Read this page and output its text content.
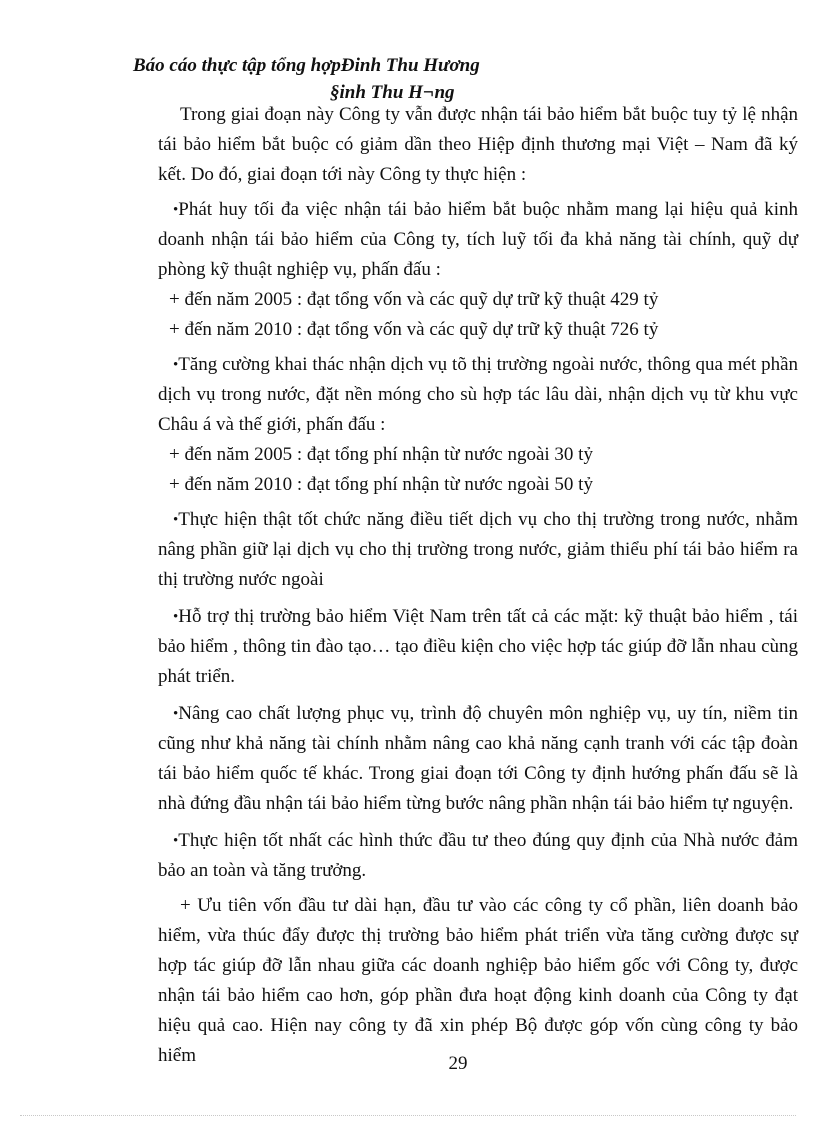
Báo cáo thực tập tổng hợpĐinh Thu Hương
§inh Thu H¬ng

Trong giai đoạn này Công ty vẫn được nhận tái bảo hiểm bắt buộc tuy tỷ lệ nhận tái bảo hiểm bắt buộc có giảm dần theo Hiệp định thương mại Việt – Nam đã ký kết. Do đó, giai đoạn tới này Công ty thực hiện :

•Phát huy tối đa việc nhận tái bảo hiểm bắt buộc nhằm mang lại hiệu quả kinh doanh nhận tái bảo hiểm của Công ty, tích luỹ tối đa khả năng tài chính, quỹ dự phòng kỹ thuật nghiệp vụ, phấn đấu :

+ đến năm 2005 : đạt tổng vốn và các quỹ dự trữ kỹ thuật 429 tỷ

+ đến năm 2010 : đạt tổng vốn và các quỹ dự trữ kỹ thuật 726 tỷ

•Tăng cường khai thác nhận dịch vụ tõ thị trường ngoài nước, thông qua mét phần dịch vụ trong nước, đặt nền móng cho sù hợp tác lâu dài, nhận dịch vụ từ khu vực Châu á và thế giới, phấn đấu :

+ đến năm 2005 : đạt tổng phí nhận từ nước ngoài 30 tỷ

+ đến năm 2010 : đạt tổng phí nhận từ nước ngoài 50 tỷ

•Thực hiện thật tốt chức năng điều tiết dịch vụ cho thị trường trong nước, nhằm nâng phần giữ lại dịch vụ cho thị trường trong nước, giảm thiểu phí tái bảo hiểm ra thị trường nước ngoài

•Hỗ trợ thị trường bảo hiểm Việt Nam trên tất cả các mặt: kỹ thuật bảo hiểm , tái bảo hiểm , thông tin đào tạo… tạo điều kiện cho việc hợp tác giúp đỡ lẫn nhau cùng phát triển.

•Nâng cao chất lượng phục vụ, trình độ chuyên môn nghiệp vụ, uy tín, niềm tin cũng như khả năng tài chính nhằm nâng cao khả năng cạnh tranh với các tập đoàn tái bảo hiểm quốc tế khác. Trong giai đoạn tới Công ty định hướng phấn đấu sẽ là nhà đứng đầu nhận tái bảo hiểm từng bước nâng phần nhận tái bảo hiểm tự nguyện.

•Thực hiện tốt nhất các hình thức đầu tư theo đúng quy định của Nhà nước đảm bảo an toàn và tăng trưởng.

+ Ưu tiên vốn đầu tư dài hạn, đầu tư vào các công ty cổ phần, liên doanh bảo hiểm, vừa thúc đẩy được thị trường bảo hiểm phát triển vừa tăng cường được sự hợp tác giúp đỡ lẫn nhau giữa các doanh nghiệp bảo hiểm gốc với Công ty, được nhận tái bảo hiểm cao hơn, góp phần đưa hoạt động kinh doanh của Công ty đạt hiệu quả cao. Hiện nay công ty đã xin phép Bộ được góp vốn cùng công ty bảo hiểm	29
